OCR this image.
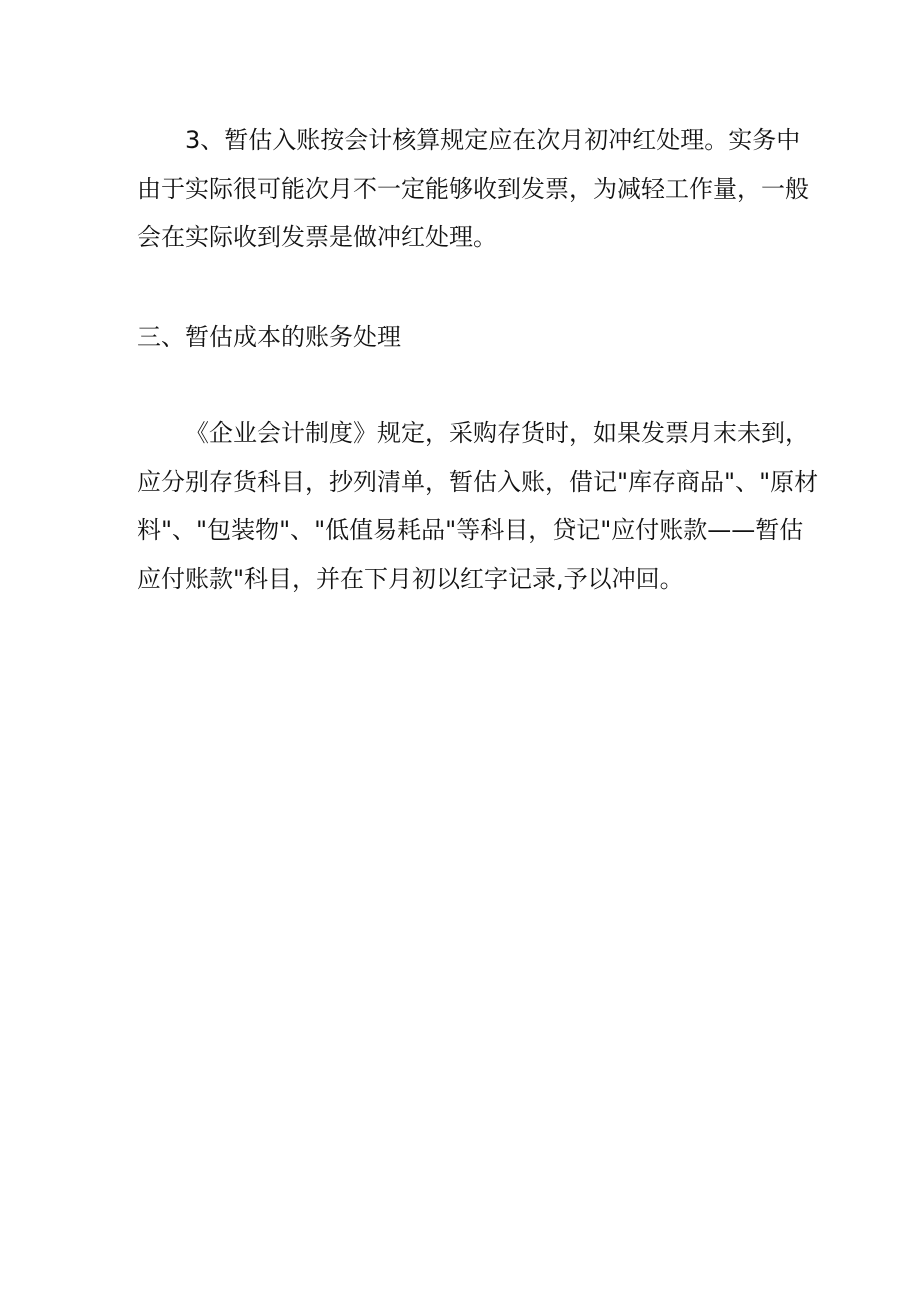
3、暂估入账按会计核算规定应在次月初冲红处理。实务中
由于实际很可能次月不一定能够收到发票，为减轻工作量，一般
会在实际收到发票是做冲红处理。
三、暂估成本的账务处理
《企业会计制度》规定，采购存货时，如果发票月末未到，
应分别存货科目，抄列清单，暂估入账，借记"库存商品"、"原材
料"、"包装物"、"低值易耗品"等科目，贷记"应付账款——暂估
应付账款"科目，并在下月初以红字记录,予以冲回。
